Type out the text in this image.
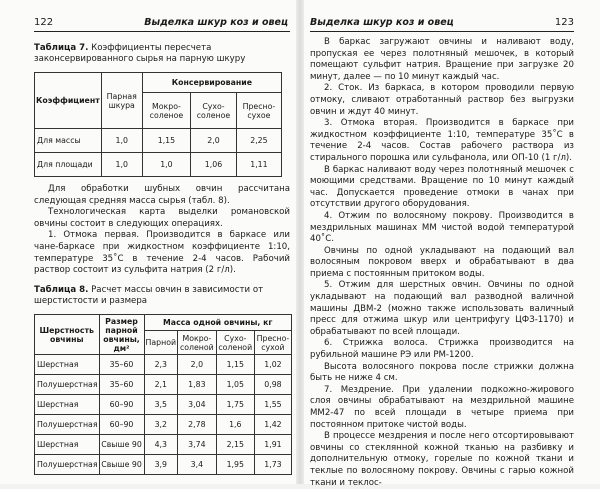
122	Выделка шкур коз и овец
Таблица 7. Коэффициенты пересчета законсервированного сырья на парную шкуру
Коэффициент	Парная шкура	Консервирование		
		Мокро-соленое	Сухо-соленое	Пресно-сухое
Для массы	1,0	1,15	2,0	2,25
Для площади	1,0	1,0	1,06	1,11

Для обработки шубных овчин рассчитана следующая средняя масса сырья (табл. 8).

Технологическая карта выделки романовской овчины состоит в следующих операциях.

1. Отмока первая. Производится в баркасе или чане-баркасе при жидкостном коэффициенте 1:10, температуре 35˚С в течение 2-4 часов. Рабочий раствор состоит из сульфита натрия (2 г/л).

Таблица 8. Расчет массы овчин в зависимости от шерстистости и размера
Шерстность овчины	Размер парной овчины, дм²	Масса одной овчины, кг			
		Парной	Мокро-соленой	Сухо-соленой	Пресно-сухой
Шерстная	35–60	2,3	2,0	1,15	1,02
Полушерстная	35–60	2,1	1,83	1,05	0,98
Шерстная	60–90	3,5	3,04	1,75	1,55
Полушерстная	60–90	3,2	2,78	1,6	1,42
Шерстная	Свыше 90	4,3	3,74	2,15	1,91
Полушерстная	Свыше 90	3,9	3,4	1,95	1,73
Выделка шкур коз и овец	123

В баркас загружают овчины и наливают воду, пропуская ее через полотняный мешочек, в который помещают сульфит натрия. Вращение при загрузке 20 минут, далее — по 10 минут каждый час.

2. Сток. Из баркаса, в котором проводили первую отмоку, сливают отработанный раствор без выгрузки овчин и ждут 40 минут.

3. Отмока вторая. Производится в баркасе при жидкостном коэффициенте 1:10, температуре 35˚С в течение 2-4 часов. Состав рабочего раствора из стирального порошка или сульфанола, или ОП-10 (1 г/л).

В баркас наливают воду через полотняный мешочек с моющими средствами. Вращение по 10 минут каждый час. Допускается проведение отмоки в чанах при отсутствии другого оборудования.

4. Отжим по волосяному покрову. Производится в мездрильных машинах ММ чистой водой температурой 40˚С.

Овчины по одной укладывают на подающий вал волосяным покровом вверх и обрабатывают в два приема с постоянным притоком воды.

5. Отжим для шерстных овчин. Овчины по одной укладывают на подающий вал разводной валичной машины ДВМ-2 (можно также использовать валичный пресс для отжима шкур или центрифугу ЦФЗ-1170) и обрабатывают по всей площади.

6. Стрижка волоса. Стрижка производится на рубильной машине РЭ или РМ-1200.

Высота волосяного покрова после стрижки должна быть не ниже 4 см.

7. Мездрение. При удалении подкожно-жирового слоя овчины обрабатывают на мездрильной машине ММ2-47 по всей площади в четыре приема при постоянном притоке чистой воды.

В процессе мездрения и после него отсортировывают овчины со стеклянной кожной тканью на разбивку и дополнительную отмоку, горелые по кожной ткани и теклые по волосяному покрову. Овчины с гарью кожной ткани и теклос-
